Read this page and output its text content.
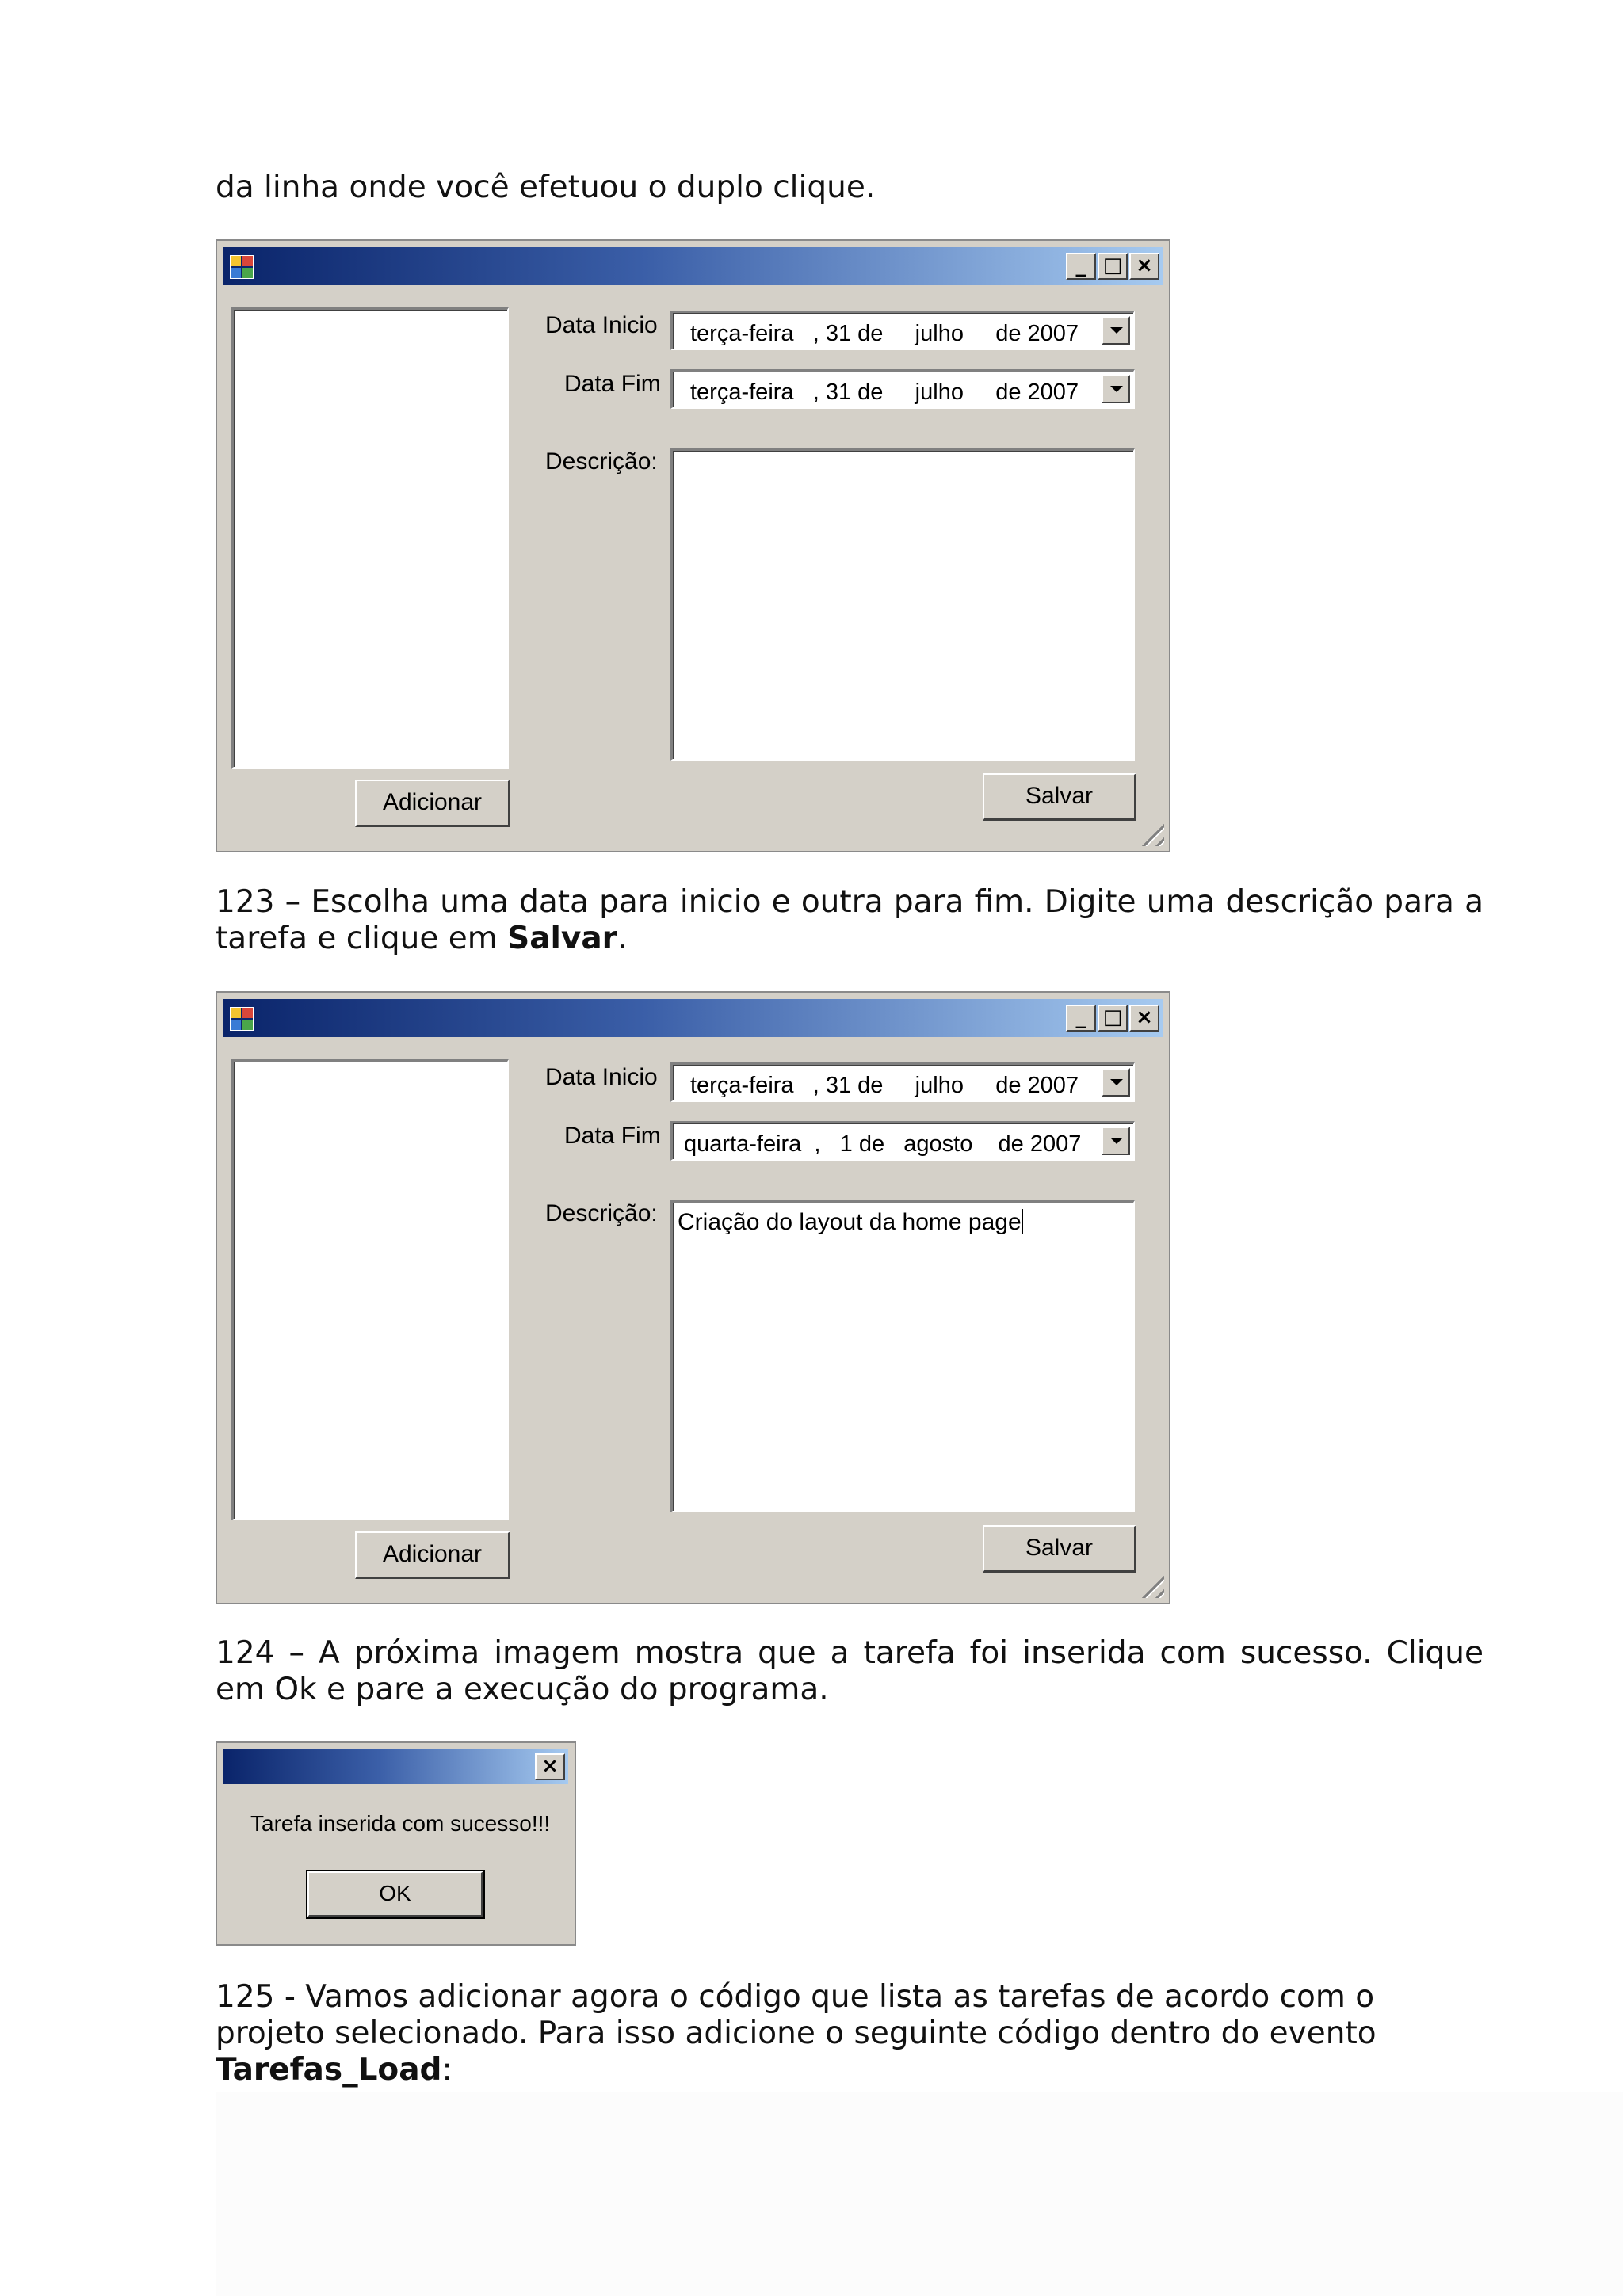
da linha onde você efetuou o duplo clique.

_ □ ×
Adicionar
Data Inicio terça-feira   , 31 de     julho     de 2007
Data Fim terça-feira   , 31 de     julho     de 2007
Descrição:
Salvar

123 – Escolha uma data para inicio e outra para fim. Digite uma descrição para a tarefa e clique em Salvar.

_ □ ×
Adicionar
Data Inicio terça-feira   , 31 de     julho     de 2007
Data Fim quarta-feira  ,   1 de   agosto    de 2007
Descrição: Criação do layout da home page
Salvar

124 – A próxima imagem mostra que a tarefa foi inserida com sucesso. Clique em Ok e pare a execução do programa.

×
Tarefa inserida com sucesso!!!
OK

125 - Vamos adicionar agora o código que lista as tarefas de acordo com o projeto selecionado. Para isso adicione o seguinte código dentro do evento Tarefas_Load:
